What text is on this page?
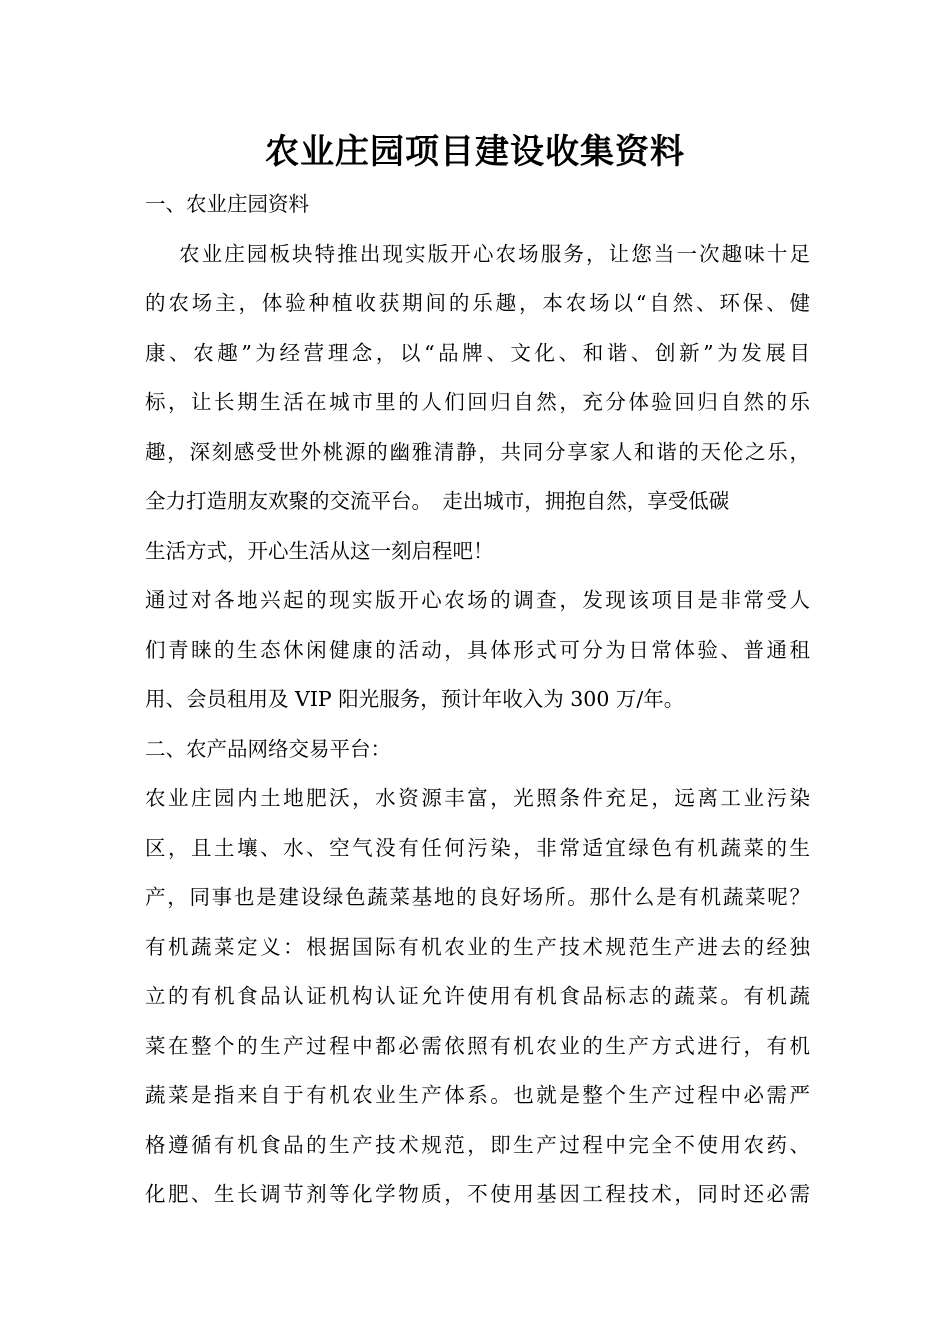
农业庄园项目建设收集资料
一、农业庄园资料
农业庄园板块特推出现实版开心农场服务，让您当一次趣味十足
的农场主，体验种植收获期间的乐趣，本农场以“自然、环保、健
康、农趣”为经营理念，以“品牌、文化、和谐、创新”为发展目
标，让长期生活在城市里的人们回归自然，充分体验回归自然的乐
趣，深刻感受世外桃源的幽雅清静，共同分享家人和谐的天伦之乐，
全力打造朋友欢聚的交流平台。　走出城市，拥抱自然，享受低碳
生活方式，开心生活从这一刻启程吧！
通过对各地兴起的现实版开心农场的调查，发现该项目是非常受人
们青睐的生态休闲健康的活动，具体形式可分为日常体验、普通租
用、会员租用及 VIP 阳光服务，预计年收入为 300 万/年。
二、农产品网络交易平台：
农业庄园内土地肥沃，水资源丰富，光照条件充足，远离工业污染
区，且土壤、水、空气没有任何污染，非常适宜绿色有机蔬菜的生
产，同事也是建设绿色蔬菜基地的良好场所。那什么是有机蔬菜呢？
有机蔬菜定义：根据国际有机农业的生产技术规范生产进去的经独
立的有机食品认证机构认证允许使用有机食品标志的蔬菜。有机蔬
菜在整个的生产过程中都必需依照有机农业的生产方式进行，有机
蔬菜是指来自于有机农业生产体系。也就是整个生产过程中必需严
格遵循有机食品的生产技术规范，即生产过程中完全不使用农药、
化肥、生长调节剂等化学物质，不使用基因工程技术，同时还必需
